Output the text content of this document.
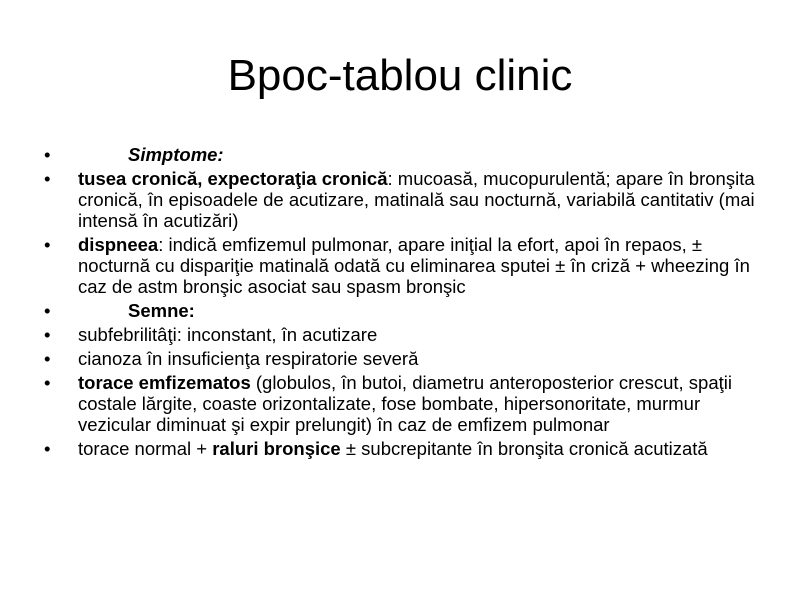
Bpoc-tablou clinic
•	Simptome:
• tusea cronică, expectoraţia cronică: mucoasă, mucopurulentă; apare în bronşita cronică, în episoadele de acutizare, matinală sau nocturnă, variabilă cantitativ (mai intensă în acutizări)
• dispneea: indică emfizemul pulmonar, apare iniţial la efort, apoi în repaos, ± nocturnă cu dispariţie matinală odată cu eliminarea sputei ± în criză + wheezing în caz de astm bronşic asociat sau spasm bronşic
•	Semne:
• subfebrilitâţi: inconstant, în acutizare
• cianoza în insuficienţa respiratorie severă
• torace emfizematos (globulos, în butoi, diametru anteroposterior crescut, spaţii costale lărgite, coaste orizontalizate, fose bombate, hipersonoritate, murmur vezicular diminuat şi expir prelungit) în caz de emfizem pulmonar
• torace normal + raluri bronşice ± subcrepitante în bronşita cronică acutizată
